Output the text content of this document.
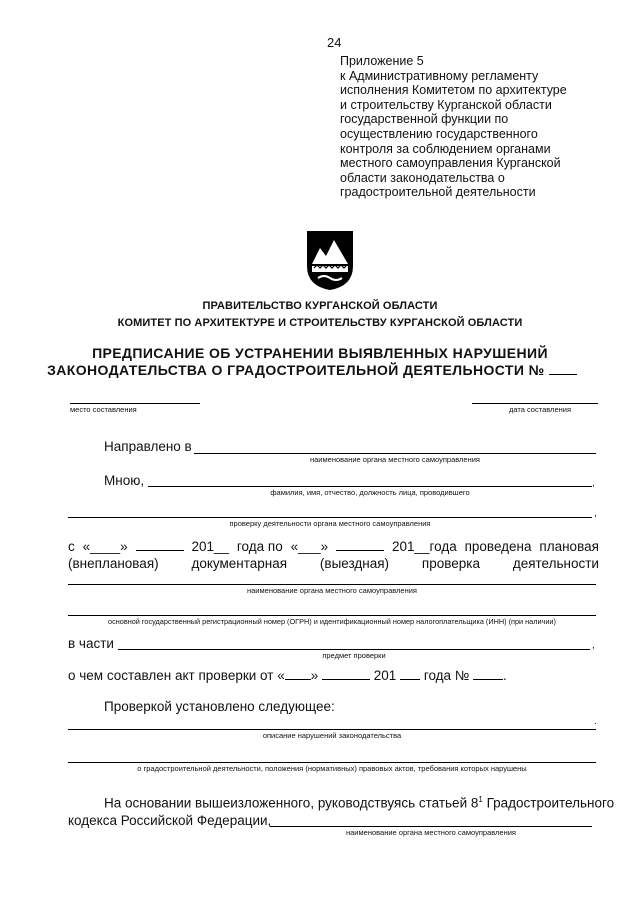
24
Приложение 5
к Административному регламенту
исполнения Комитетом по архитектуре
и строительству Курганской области
государственной функции по
осуществлению государственного
контроля за соблюдением органами
местного самоуправления Курганской
области законодательства о
градостроительной деятельности
ПРАВИТЕЛЬСТВО КУРГАНСКОЙ ОБЛАСТИ
КОМИТЕТ ПО АРХИТЕКТУРЕ И СТРОИТЕЛЬСТВУ КУРГАНСКОЙ ОБЛАСТИ
ПРЕДПИСАНИЕ ОБ УСТРАНЕНИИ ВЫЯВЛЕННЫХ НАРУШЕНИЙ
ЗАКОНОДАТЕЛЬСТВА О ГРАДОСТРОИТЕЛЬНОЙ ДЕЯТЕЛЬНОСТИ №
место составления	дата составления
Направлено в
наименование органа местного самоуправления
Мною,	,
фамилия, имя, отчество, должность лица, проводившего
,
проверку деятельности органа местного самоуправления
с «____»	201__ года по «___»	201__года проведена плановая
(внеплановая) документарная (выездная) проверка деятельности
наименование органа местного самоуправления
основной государственный регистрационный номер (ОГРН) и идентификационный номер налогоплательщика (ИНН) (при наличии)
в части	,
предмет проверки
о чем составлен акт проверки от « »	201 года №	.
Проверкой установлено следующее:
.
описание нарушений законодательства
о градостроительной деятельности, положения (нормативных) правовых актов, требования которых нарушены
На основании вышеизложенного, руководствуясь статьей $8^1$ Градостроительного
кодекса Российской Федерации,
наименование органа местного самоуправления
